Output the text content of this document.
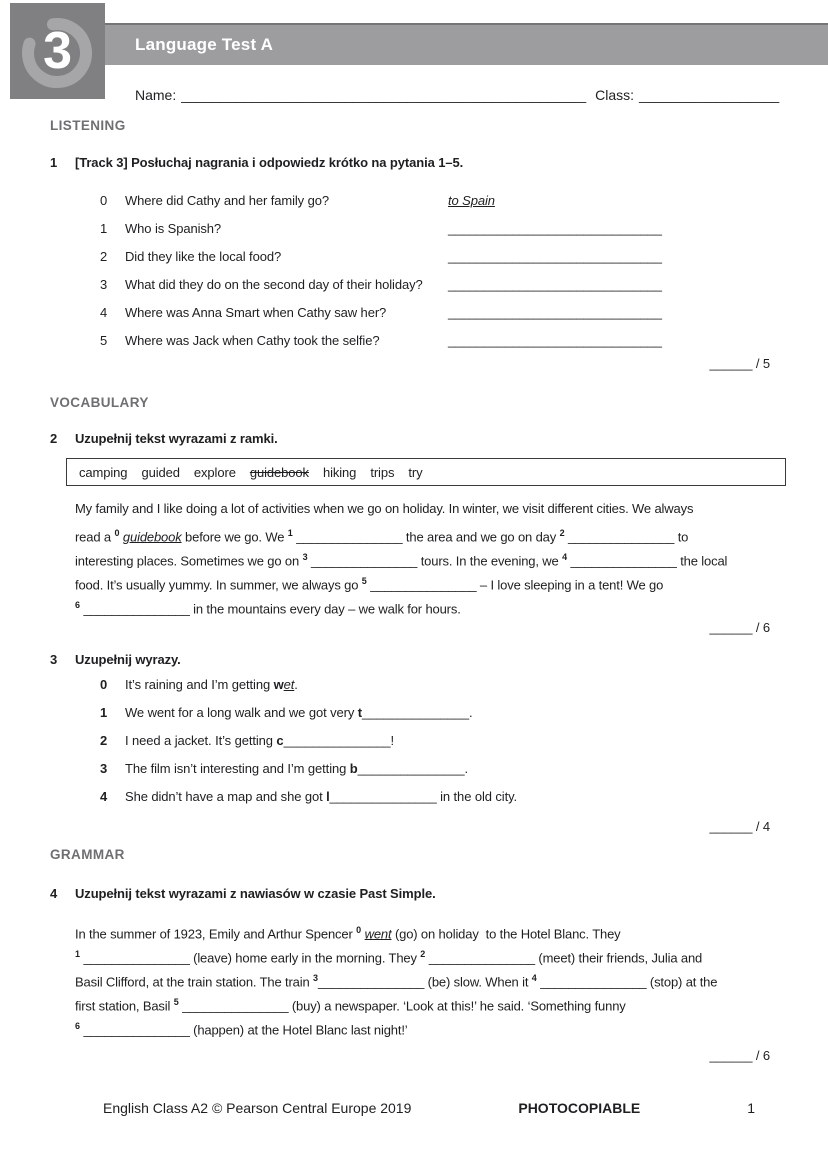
3	Language Test A
Name: ____________________________________________________ Class: __________________
LISTENING
1	[Track 3] Posłuchaj nagrania i odpowiedz krótko na pytania 1–5.
0	Where did Cathy and her family go?	to Spain
1	Who is Spanish?	______________________________
2	Did they like the local food?	______________________________
3	What did they do on the second day of their holiday?	______________________________
4	Where was Anna Smart when Cathy saw her?	______________________________
5	Where was Jack when Cathy took the selfie?	______________________________
______ / 5
VOCABULARY
2	Uzupełnij tekst wyrazami z ramki.
camping guided explore guidebook hiking trips try
My family and I like doing a lot of activities when we go on holiday. In winter, we visit different cities. We always
read a $^0$ guidebook before we go. We $^1$ _______________ the area and we go on day $^2$ _______________ to
interesting places. Sometimes we go on $^3$ _______________ tours. In the evening, we $^4$ _______________ the local
food. It’s usually yummy. In summer, we always go $^5$ _______________ – I love sleeping in a tent! We go
$^6$ _______________ in the mountains every day – we walk for hours.
______ / 6
3	Uzupełnij wyrazy.
0	It’s raining and I’m getting wet.
1	We went for a long walk and we got very t_______________.
2	I need a jacket. It’s getting c_______________!
3	The film isn’t interesting and I’m getting b_______________.
4	She didn’t have a map and she got l_______________ in the old city.
______ / 4
GRAMMAR
4	Uzupełnij tekst wyrazami z nawiasów w czasie Past Simple.
In the summer of 1923, Emily and Arthur Spencer $^0$ went (go) on holiday  to the Hotel Blanc. They
$^1$ _______________ (leave) home early in the morning. They $^2$ _______________ (meet) their friends, Julia and
Basil Clifford, at the train station. The train $^3$_______________ (be) slow. When it $^4$ _______________ (stop) at the
first station, Basil $^5$ _______________ (buy) a newspaper. ‘Look at this!’ he said. ‘Something funny
$^6$ _______________ (happen) at the Hotel Blanc last night!’
______ / 6
English Class A2 © Pearson Central Europe 2019	PHOTOCOPIABLE	1
